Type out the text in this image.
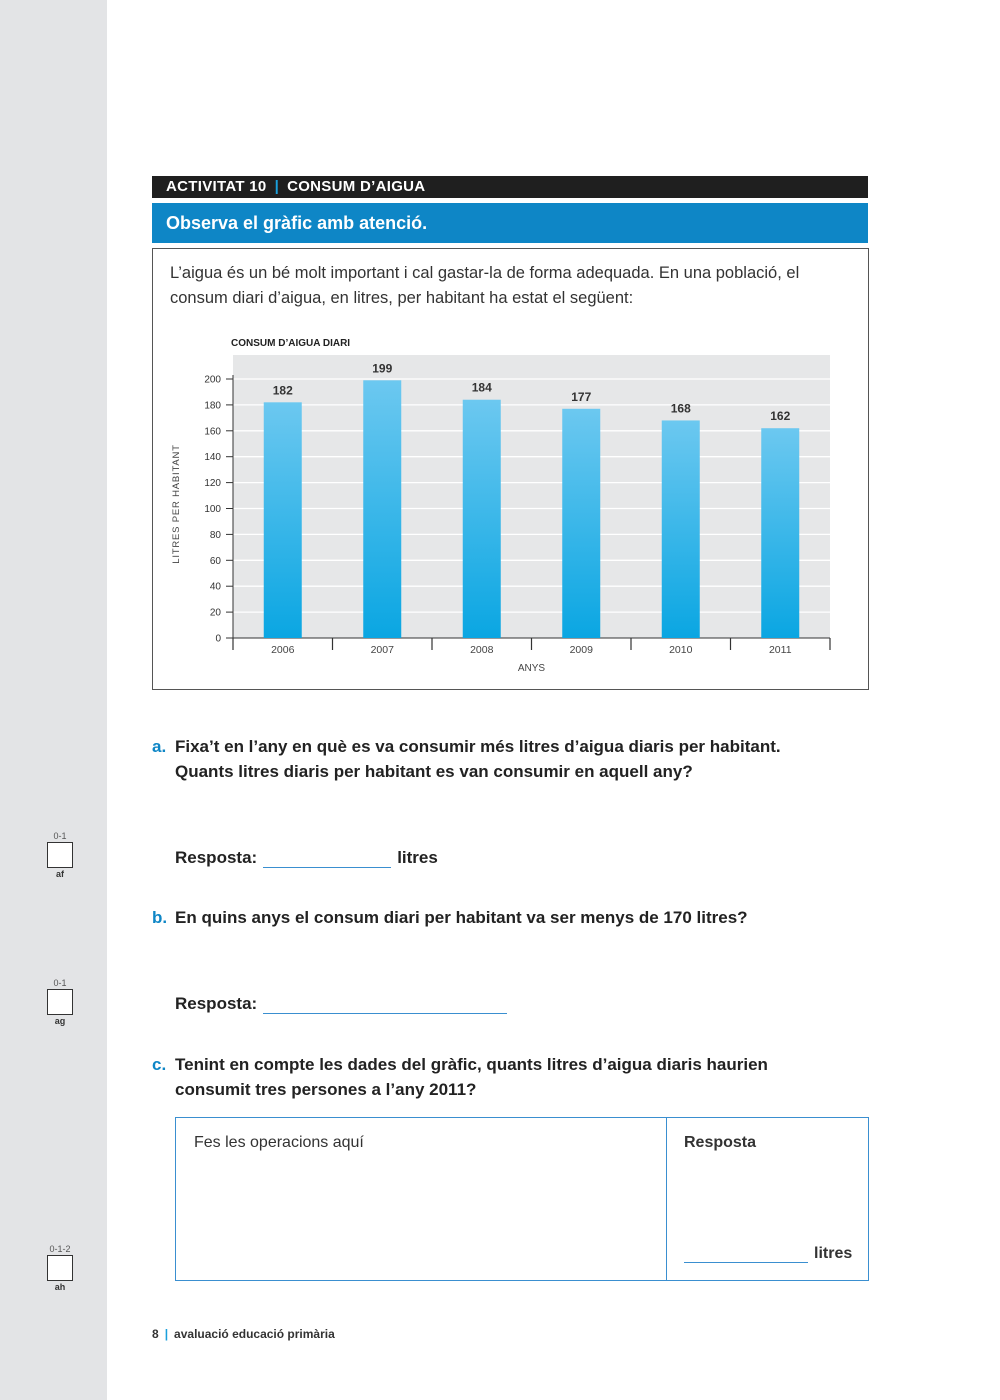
0-1
af
0-1
ag
0-1-2
ah
ACTIVITAT 10 | CONSUM D’AIGUA
Observa el gràfic amb atenció.
L’aigua és un bé molt important i cal gastar-la de forma adequada. En una població, el consum diari d’aigua, en litres, per habitant ha estat el següent:
0
20
40
60
80
100
120
140
160
180
200
182
2006
199
2007
184
2008
177
2009
168
2010
162
2011
CONSUM D’AIGUA DIARI
ANYS
LITRES PER HABITANT
a. Fixa’t en l’any en què es va consumir més litres d’aigua diaris per habitant.
Quants litres diaris per habitant es van consumir en aquell any?
Resposta:	litres
b. En quins anys el consum diari per habitant va ser menys de 170 litres?
Resposta:
c. Tenint en compte les dades del gràfic, quants litres d’aigua diaris haurien
consumit tres persones a l’any 2011?
Fes les operacions aquí	Resposta
litres
8 | avaluació educació primària
